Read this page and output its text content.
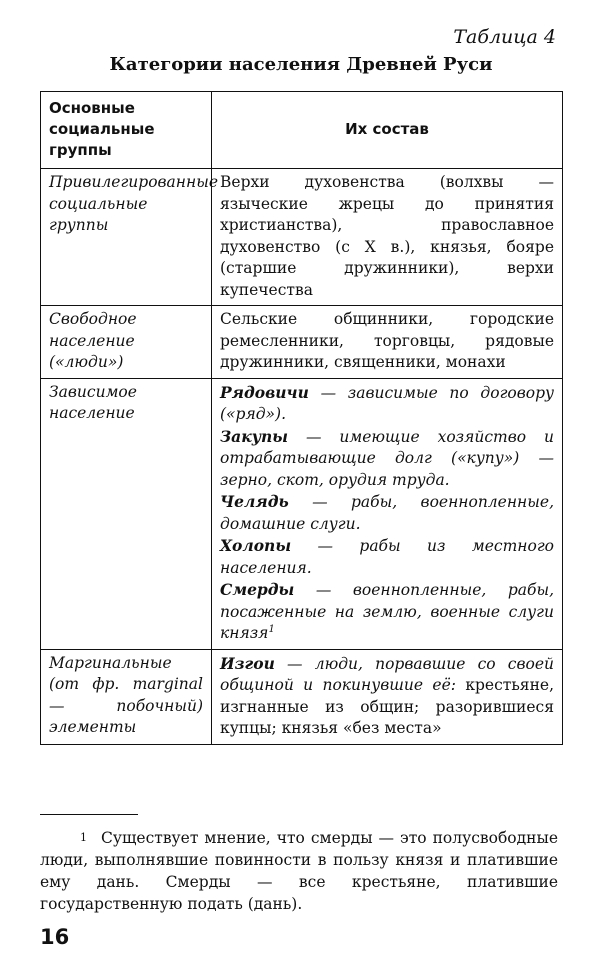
Таблица 4
Категории населения Древней Руси
Основные социальные группы	Их состав
Привилегированные социальные группы	Верхи духовенства (волхвы — языческие жрецы до принятия христианства), православное духовенство (с X в.), князья, бояре (старшие дружинники), верхи купечества
Свободное население («люди»)	Сельские общинники, городские ремесленники, торговцы, рядовые дружинники, священники, монахи
Зависимое население	Рядовичи — зависимые по договору («ряд»).
Закупы — имеющие хозяйство и отрабатывающие долг («купу») — зерно, скот, орудия труда.
Челядь — рабы, военнопленные, домашние слуги.
Холопы — рабы из местного населения.
Смерды — военнопленные, рабы, посаженные на землю, военные слуги князя$^1$

Маргинальные (от фр. marginal — побочный) элементы	Изгои — люди, порвавшие со своей общиной и покинувшие её: крестьяне, изгнанные из общин; разорившиеся купцы; князья «без места»
$^1$ Существует мнение, что смерды — это полусвободные люди, выполнявшие повинности в пользу князя и платившие ему дань. Смерды — все крестьяне, платившие государственную подать (дань).
16
